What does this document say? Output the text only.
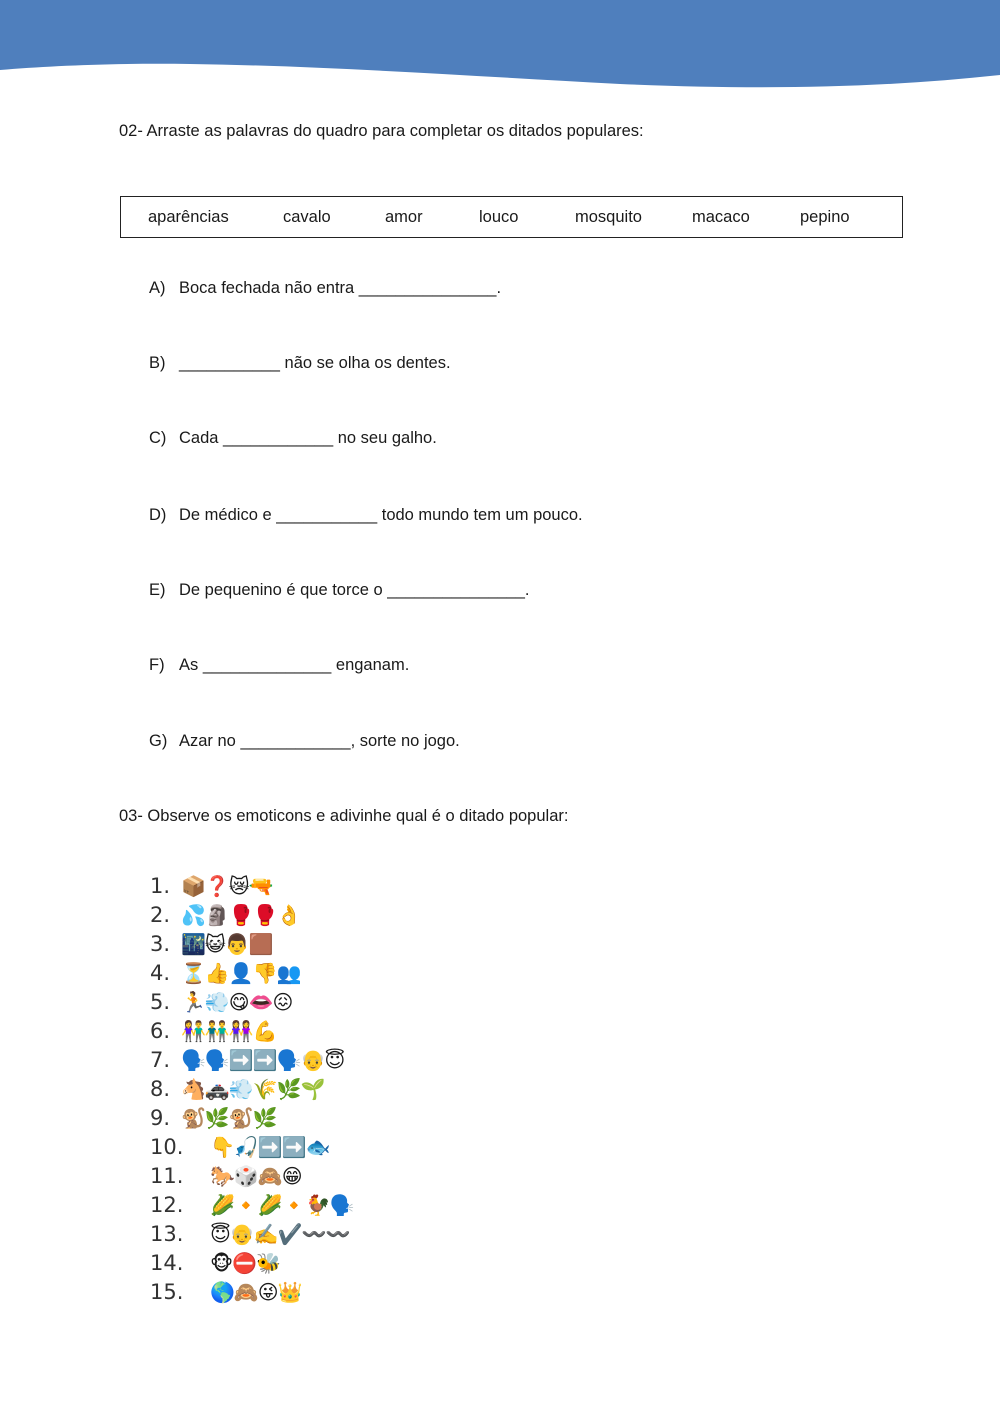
02- Arraste as palavras do quadro para completar os ditados populares:
aparências	cavalo	amor	louco	mosquito	macaco	pepino
A) Boca fechada não entra _______________.
B) ___________ não se olha os dentes.
C) Cada ____________ no seu galho.
D) De médico e ___________ todo mundo tem um pouco.
E) De pequenino é que torce o _______________.
F) As ______________ enganam.
G) Azar no ____________, sorte no jogo.
03- Observe os emoticons e adivinhe qual é o ditado popular:
1. 📦❓😿🔫
2. 💦🗿🥊🥊👌
3. 🌃😺👨🟫
4. ⏳👍👤👎👥
5. 🏃💨😋👄😖
6. 👫👬👭💪
7. 🗣️🗣️➡️➡️🗣️👴😇
8. 🐴🚓💨🌾🌿🌱
9. 🐒🌿🐒🌿
10. 👇🎣➡️➡️🐟
11. 🐎🎲🙈😁
12. 🌽🔸🌽🔸🐓🗣️
13. 😇👴✍️✔️〰️〰️
14. 🐵⛔🐝
15. 🌎🙈😜👑
